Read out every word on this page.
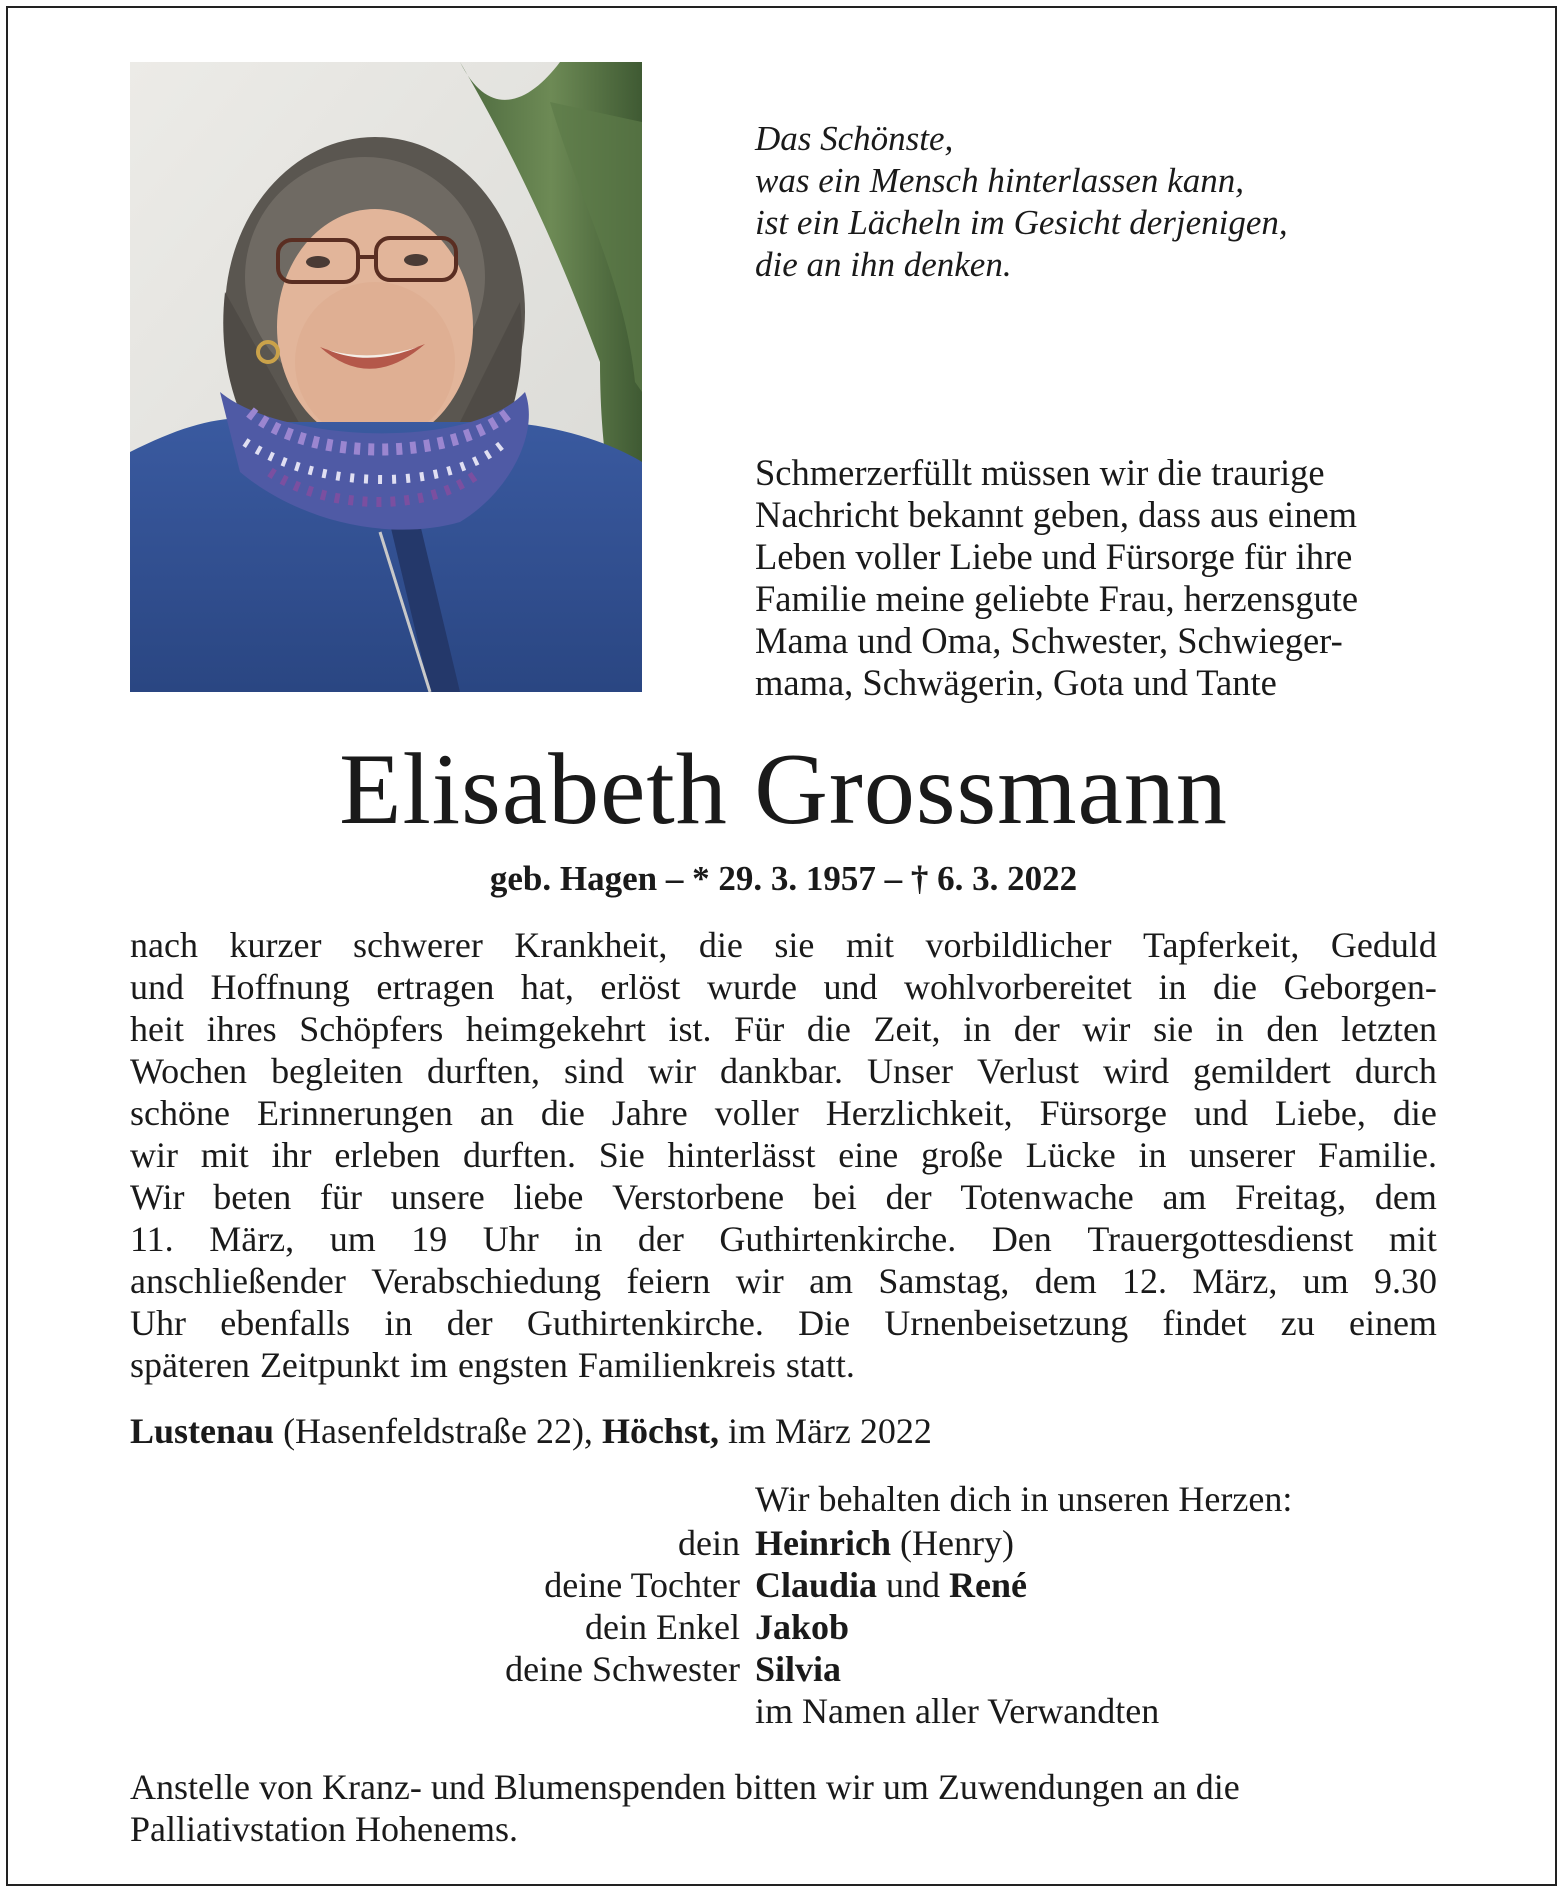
Das Schönste,
was ein Mensch hinterlassen kann,
ist ein Lächeln im Gesicht derjenigen,
die an ihn denken.
Schmerzerfüllt müssen wir die traurige
Nachricht bekannt geben, dass aus einem
Leben voller Liebe und Fürsorge für ihre
Familie meine geliebte Frau, herzensgute
Mama und Oma, Schwester, Schwieger-
mama, Schwägerin, Gota und Tante
Elisabeth Grossmann
geb. Hagen – * 29. 3. 1957 – † 6. 3. 2022
nach kurzer schwerer Krankheit, die sie mit vorbildlicher Tapferkeit, Geduld
und Hoffnung ertragen hat, erlöst wurde und wohlvorbereitet in die Geborgen-
heit ihres Schöpfers heimgekehrt ist. Für die Zeit, in der wir sie in den letzten
Wochen begleiten durften, sind wir dankbar. Unser Verlust wird gemildert durch
schöne Erinnerungen an die Jahre voller Herzlichkeit, Fürsorge und Liebe, die
wir mit ihr erleben durften. Sie hinterlässt eine große Lücke in unserer Familie.
Wir beten für unsere liebe Verstorbene bei der Totenwache am Freitag, dem
11. März, um 19 Uhr in der Guthirtenkirche. Den Trauergottesdienst mit
anschließender Verabschiedung feiern wir am Samstag, dem 12. März, um 9.30
Uhr ebenfalls in der Guthirtenkirche. Die Urnenbeisetzung findet zu einem
späteren Zeitpunkt im engsten Familienkreis statt.
Lustenau (Hasenfeldstraße 22), Höchst, im März 2022
Wir behalten dich in unseren Herzen:
dein
deine Tochter
dein Enkel
deine Schwester
Heinrich (Henry)
Claudia und René
Jakob
Silvia
im Namen aller Verwandten
Anstelle von Kranz- und Blumenspenden bitten wir um Zuwendungen an die
Palliativstation Hohenems.
